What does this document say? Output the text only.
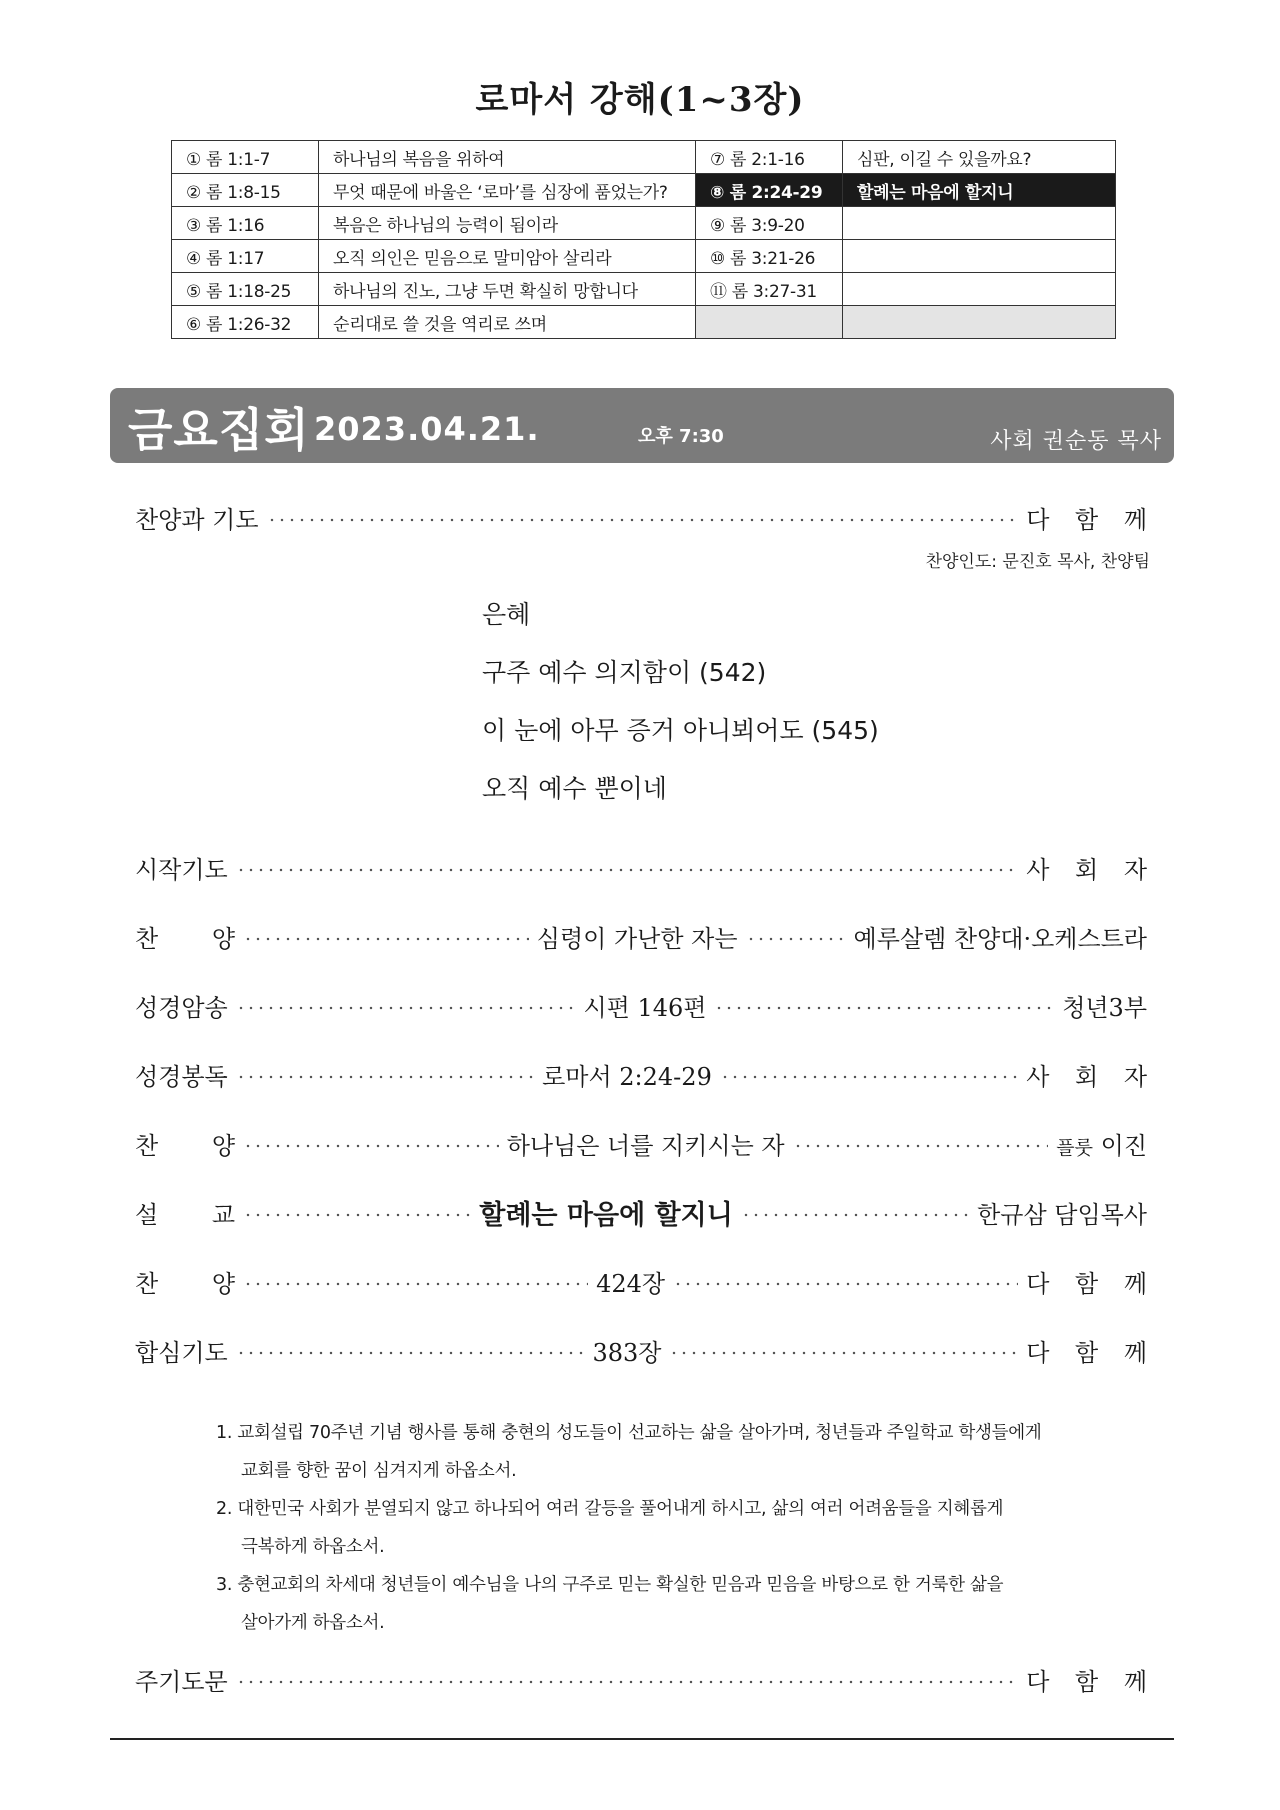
로마서 강해(1~3장)
① 롬 1:1-7	하나님의 복음을 위하여	⑦ 롬 2:1-16	심판, 이길 수 있을까요?
② 롬 1:8-15	무엇 때문에 바울은 ‘로마’를 심장에 품었는가?	⑧ 롬 2:24-29	할례는 마음에 할지니
③ 롬 1:16	복음은 하나님의 능력이 됨이라	⑨ 롬 3:9-20	
④ 롬 1:17	오직 의인은 믿음으로 말미암아 살리라	⑩ 롬 3:21-26	
⑤ 롬 1:18-25	하나님의 진노, 그냥 두면 확실히 망합니다	⑪ 롬 3:27-31	
⑥ 롬 1:26-32	순리대로 쓸 것을 역리로 쓰며		
금요집회 2023.04.21.	오후 7:30	사회 권순동 목사
찬양과 기도	다 함 께
찬양인도: 문진호 목사, 찬양팀
은혜
구주 예수 의지함이 (542)
이 눈에 아무 증거 아니뵈어도 (545)
오직 예수 뿐이네
시작기도	사 회 자
찬 양	심령이 가난한 자는	예루살렘 찬양대·오케스트라
성경암송	시편 146편	청년3부
성경봉독	로마서 2:24-29	사 회 자
찬 양	하나님은 너를 지키시는 자	플룻 이진
설 교	할례는 마음에 할지니	한규삼 담임목사
찬 양	424장	다 함 께
합심기도	383장	다 함 께
1. 교회설립 70주년 기념 행사를 통해 충현의 성도들이 선교하는 삶을 살아가며, 청년들과 주일학교 학생들에게
교회를 향한 꿈이 심겨지게 하옵소서.
2. 대한민국 사회가 분열되지 않고 하나되어 여러 갈등을 풀어내게 하시고, 삶의 여러 어려움들을 지혜롭게
극복하게 하옵소서.
3. 충현교회의 차세대 청년들이 예수님을 나의 구주로 믿는 확실한 믿음과 믿음을 바탕으로 한 거룩한 삶을
살아가게 하옵소서.
주기도문	다 함 께
